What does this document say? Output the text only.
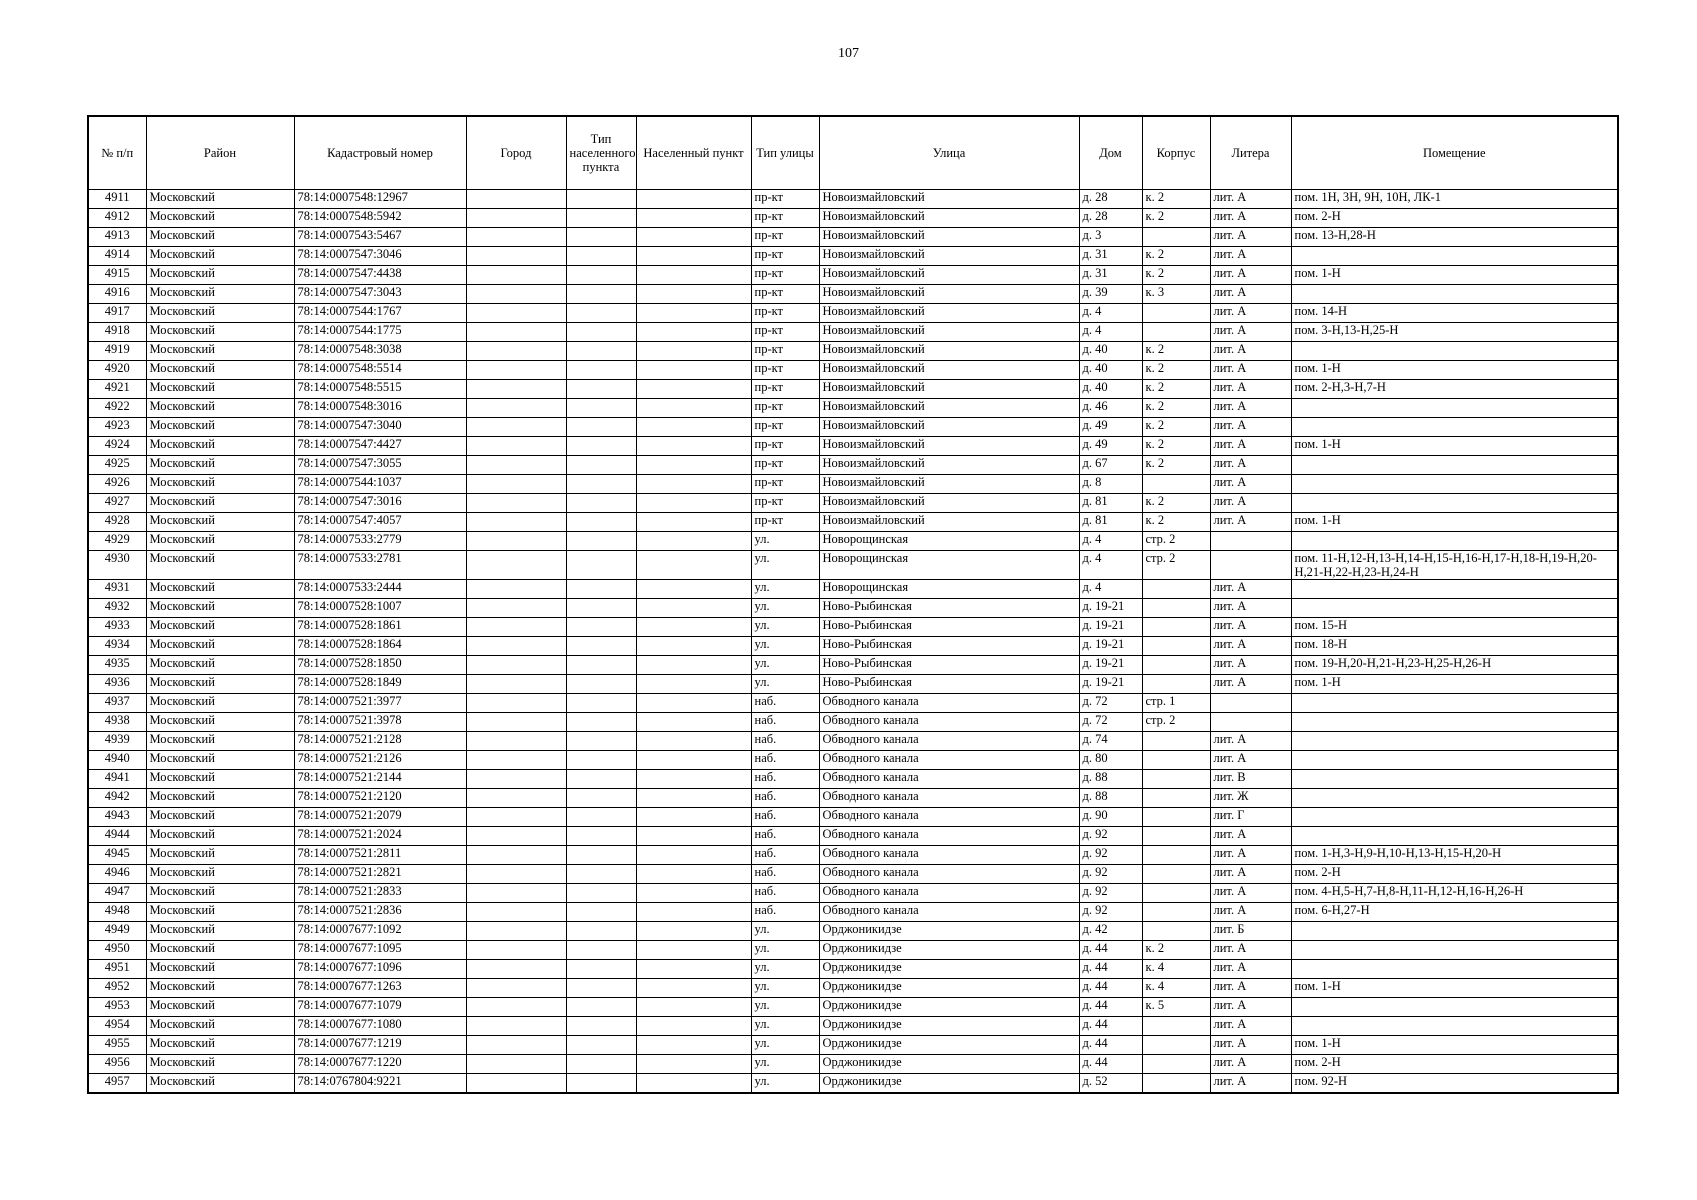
107
№ п/п	Район	Кадастровый номер	Город	Тип населенного пункта	Населенный пункт	Тип улицы	Улица	Дом	Корпус	Литера	Помещение
4911	Московский	78:14:0007548:12967				пр-кт	Новоизмайловский	д. 28	к. 2	лит. А	пом. 1Н, 3Н, 9Н, 10Н, ЛК-1
4912	Московский	78:14:0007548:5942				пр-кт	Новоизмайловский	д. 28	к. 2	лит. А	пом. 2-Н
4913	Московский	78:14:0007543:5467				пр-кт	Новоизмайловский	д. 3		лит. А	пом. 13-Н,28-Н
4914	Московский	78:14:0007547:3046				пр-кт	Новоизмайловский	д. 31	к. 2	лит. А	
4915	Московский	78:14:0007547:4438				пр-кт	Новоизмайловский	д. 31	к. 2	лит. А	пом. 1-Н
4916	Московский	78:14:0007547:3043				пр-кт	Новоизмайловский	д. 39	к. 3	лит. А	
4917	Московский	78:14:0007544:1767				пр-кт	Новоизмайловский	д. 4		лит. А	пом. 14-Н
4918	Московский	78:14:0007544:1775				пр-кт	Новоизмайловский	д. 4		лит. А	пом. 3-Н,13-Н,25-Н
4919	Московский	78:14:0007548:3038				пр-кт	Новоизмайловский	д. 40	к. 2	лит. А	
4920	Московский	78:14:0007548:5514				пр-кт	Новоизмайловский	д. 40	к. 2	лит. А	пом. 1-Н
4921	Московский	78:14:0007548:5515				пр-кт	Новоизмайловский	д. 40	к. 2	лит. А	пом. 2-Н,3-Н,7-Н
4922	Московский	78:14:0007548:3016				пр-кт	Новоизмайловский	д. 46	к. 2	лит. А	
4923	Московский	78:14:0007547:3040				пр-кт	Новоизмайловский	д. 49	к. 2	лит. А	
4924	Московский	78:14:0007547:4427				пр-кт	Новоизмайловский	д. 49	к. 2	лит. А	пом. 1-Н
4925	Московский	78:14:0007547:3055				пр-кт	Новоизмайловский	д. 67	к. 2	лит. А	
4926	Московский	78:14:0007544:1037				пр-кт	Новоизмайловский	д. 8		лит. А	
4927	Московский	78:14:0007547:3016				пр-кт	Новоизмайловский	д. 81	к. 2	лит. А	
4928	Московский	78:14:0007547:4057				пр-кт	Новоизмайловский	д. 81	к. 2	лит. А	пом. 1-Н
4929	Московский	78:14:0007533:2779				ул.	Новорощинская	д. 4	стр. 2		
4930	Московский	78:14:0007533:2781				ул.	Новорощинская	д. 4	стр. 2		пом. 11-Н,12-Н,13-Н,14-Н,15-Н,16-Н,17-Н,18-Н,19-Н,20-Н,21-Н,22-Н,23-Н,24-Н
4931	Московский	78:14:0007533:2444				ул.	Новорощинская	д. 4		лит. А	
4932	Московский	78:14:0007528:1007				ул.	Ново-Рыбинская	д. 19-21		лит. А	
4933	Московский	78:14:0007528:1861				ул.	Ново-Рыбинская	д. 19-21		лит. А	пом. 15-Н
4934	Московский	78:14:0007528:1864				ул.	Ново-Рыбинская	д. 19-21		лит. А	пом. 18-Н
4935	Московский	78:14:0007528:1850				ул.	Ново-Рыбинская	д. 19-21		лит. А	пом. 19-Н,20-Н,21-Н,23-Н,25-Н,26-Н
4936	Московский	78:14:0007528:1849				ул.	Ново-Рыбинская	д. 19-21		лит. А	пом. 1-Н
4937	Московский	78:14:0007521:3977				наб.	Обводного канала	д. 72	стр. 1		
4938	Московский	78:14:0007521:3978				наб.	Обводного канала	д. 72	стр. 2		
4939	Московский	78:14:0007521:2128				наб.	Обводного канала	д. 74		лит. А	
4940	Московский	78:14:0007521:2126				наб.	Обводного канала	д. 80		лит. А	
4941	Московский	78:14:0007521:2144				наб.	Обводного канала	д. 88		лит. В	
4942	Московский	78:14:0007521:2120				наб.	Обводного канала	д. 88		лит. Ж	
4943	Московский	78:14:0007521:2079				наб.	Обводного канала	д. 90		лит. Г	
4944	Московский	78:14:0007521:2024				наб.	Обводного канала	д. 92		лит. А	
4945	Московский	78:14:0007521:2811				наб.	Обводного канала	д. 92		лит. А	пом. 1-Н,3-Н,9-Н,10-Н,13-Н,15-Н,20-Н
4946	Московский	78:14:0007521:2821				наб.	Обводного канала	д. 92		лит. А	пом. 2-Н
4947	Московский	78:14:0007521:2833				наб.	Обводного канала	д. 92		лит. А	пом. 4-Н,5-Н,7-Н,8-Н,11-Н,12-Н,16-Н,26-Н
4948	Московский	78:14:0007521:2836				наб.	Обводного канала	д. 92		лит. А	пом. 6-Н,27-Н
4949	Московский	78:14:0007677:1092				ул.	Орджоникидзе	д. 42		лит. Б	
4950	Московский	78:14:0007677:1095				ул.	Орджоникидзе	д. 44	к. 2	лит. А	
4951	Московский	78:14:0007677:1096				ул.	Орджоникидзе	д. 44	к. 4	лит. А	
4952	Московский	78:14:0007677:1263				ул.	Орджоникидзе	д. 44	к. 4	лит. А	пом. 1-Н
4953	Московский	78:14:0007677:1079				ул.	Орджоникидзе	д. 44	к. 5	лит. А	
4954	Московский	78:14:0007677:1080				ул.	Орджоникидзе	д. 44		лит. А	
4955	Московский	78:14:0007677:1219				ул.	Орджоникидзе	д. 44		лит. А	пом. 1-Н
4956	Московский	78:14:0007677:1220				ул.	Орджоникидзе	д. 44		лит. А	пом. 2-Н
4957	Московский	78:14:0767804:9221				ул.	Орджоникидзе	д. 52		лит. А	пом. 92-Н
